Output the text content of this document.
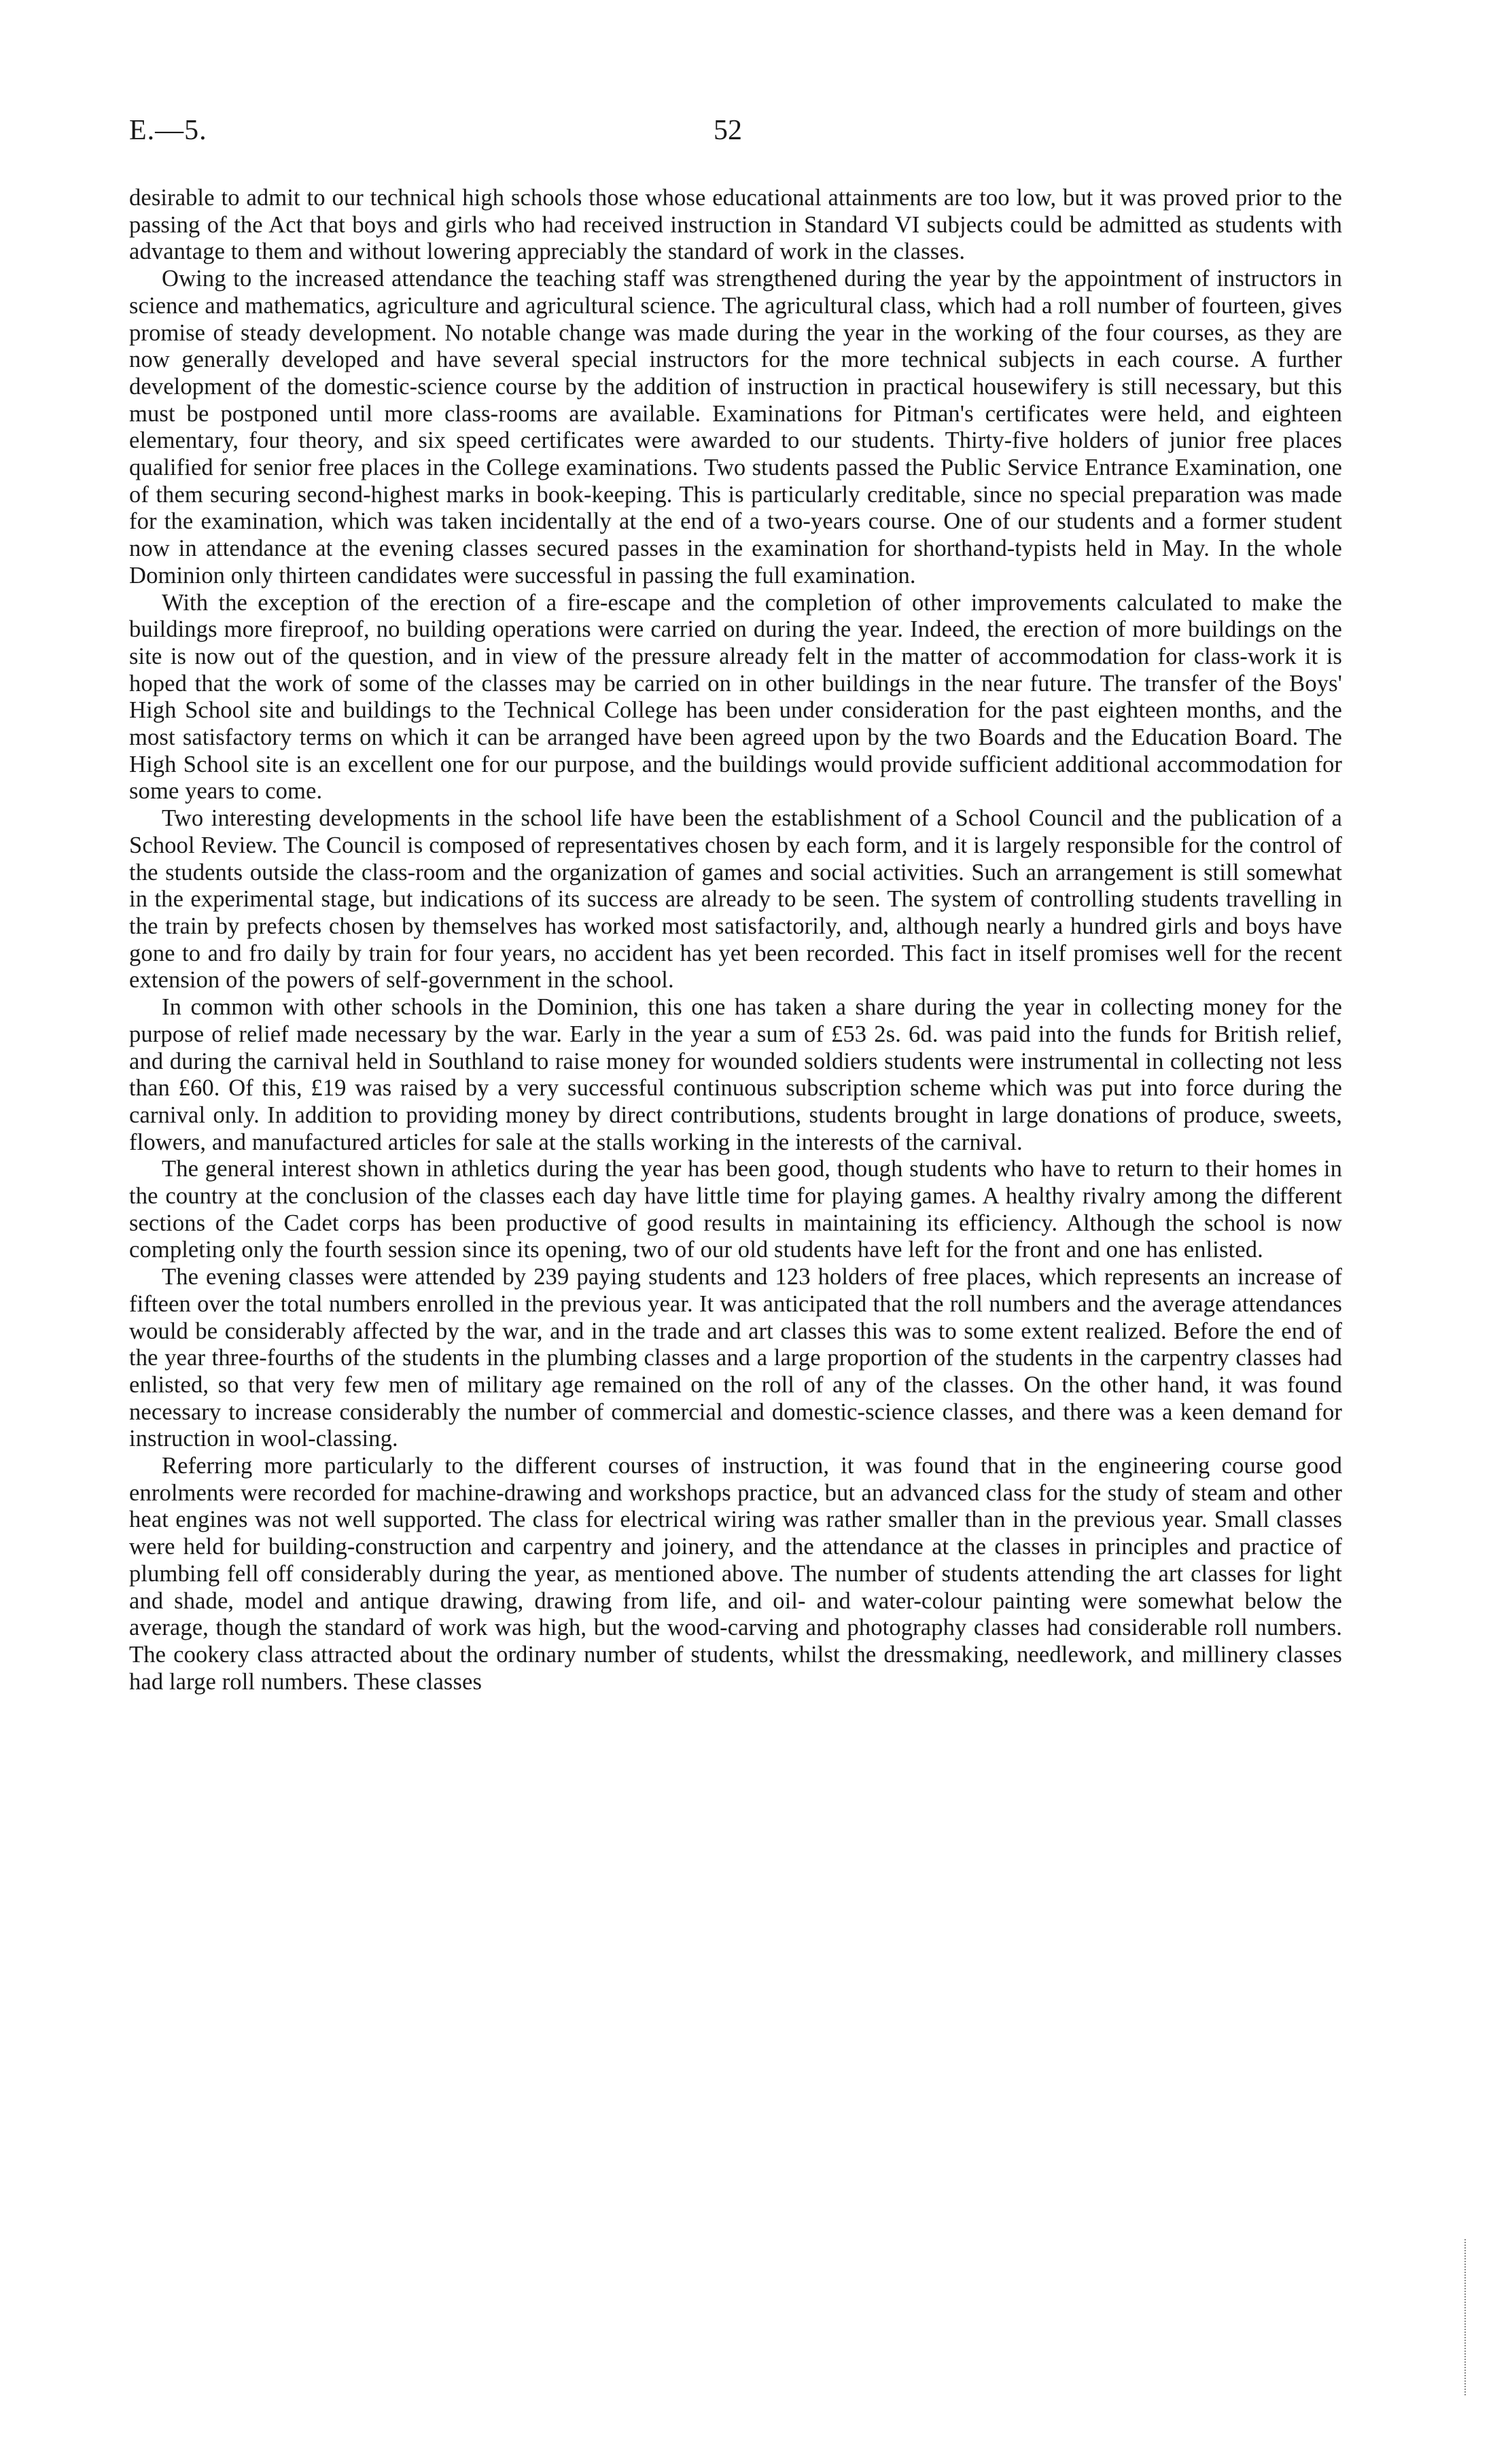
E.—5.	52

desirable to admit to our technical high schools those whose educational attainments are too low, but it was proved prior to the passing of the Act that boys and girls who had received instruction in Standard VI subjects could be admitted as students with advantage to them and without lowering appreciably the standard of work in the classes.

Owing to the increased attendance the teaching staff was strengthened during the year by the appointment of instructors in science and mathematics, agriculture and agricultural science. The agricultural class, which had a roll number of fourteen, gives promise of steady development. No notable change was made during the year in the working of the four courses, as they are now generally developed and have several special instructors for the more technical subjects in each course. A further development of the domestic-science course by the addition of instruction in practical housewifery is still necessary, but this must be postponed until more class-rooms are available. Examinations for Pitman's certificates were held, and eighteen elementary, four theory, and six speed certificates were awarded to our students. Thirty-five holders of junior free places qualified for senior free places in the College examinations. Two students passed the Public Service Entrance Examination, one of them securing second-highest marks in book-keeping. This is particularly creditable, since no special preparation was made for the examination, which was taken incidentally at the end of a two-years course. One of our students and a former student now in attendance at the evening classes secured passes in the examination for shorthand-typists held in May. In the whole Dominion only thirteen candidates were successful in passing the full examination.

With the exception of the erection of a fire-escape and the completion of other improvements calculated to make the buildings more fireproof, no building operations were carried on during the year. Indeed, the erection of more buildings on the site is now out of the question, and in view of the pressure already felt in the matter of accommodation for class-work it is hoped that the work of some of the classes may be carried on in other buildings in the near future. The transfer of the Boys' High School site and buildings to the Technical College has been under consideration for the past eighteen months, and the most satisfactory terms on which it can be arranged have been agreed upon by the two Boards and the Education Board. The High School site is an excellent one for our purpose, and the buildings would provide sufficient additional accommodation for some years to come.

Two interesting developments in the school life have been the establishment of a School Council and the publication of a School Review. The Council is composed of representatives chosen by each form, and it is largely responsible for the control of the students outside the class-room and the organization of games and social activities. Such an arrangement is still somewhat in the experimental stage, but indications of its success are already to be seen. The system of controlling students travelling in the train by prefects chosen by themselves has worked most satisfactorily, and, although nearly a hundred girls and boys have gone to and fro daily by train for four years, no accident has yet been recorded. This fact in itself promises well for the recent extension of the powers of self-government in the school.

In common with other schools in the Dominion, this one has taken a share during the year in collecting money for the purpose of relief made necessary by the war. Early in the year a sum of £53 2s. 6d. was paid into the funds for British relief, and during the carnival held in Southland to raise money for wounded soldiers students were instrumental in collecting not less than £60. Of this, £19 was raised by a very successful continuous subscription scheme which was put into force during the carnival only. In addition to providing money by direct contributions, students brought in large donations of produce, sweets, flowers, and manufactured articles for sale at the stalls working in the interests of the carnival.

The general interest shown in athletics during the year has been good, though students who have to return to their homes in the country at the conclusion of the classes each day have little time for playing games. A healthy rivalry among the different sections of the Cadet corps has been productive of good results in maintaining its efficiency. Although the school is now completing only the fourth session since its opening, two of our old students have left for the front and one has enlisted.

The evening classes were attended by 239 paying students and 123 holders of free places, which represents an increase of fifteen over the total numbers enrolled in the previous year. It was anticipated that the roll numbers and the average attendances would be considerably affected by the war, and in the trade and art classes this was to some extent realized. Before the end of the year three-fourths of the students in the plumbing classes and a large proportion of the students in the carpentry classes had enlisted, so that very few men of military age remained on the roll of any of the classes. On the other hand, it was found necessary to increase considerably the number of commercial and domestic-science classes, and there was a keen demand for instruction in wool-classing.

Referring more particularly to the different courses of instruction, it was found that in the engineering course good enrolments were recorded for machine-drawing and workshops practice, but an advanced class for the study of steam and other heat engines was not well supported. The class for electrical wiring was rather smaller than in the previous year. Small classes were held for building-construction and carpentry and joinery, and the attendance at the classes in principles and practice of plumbing fell off considerably during the year, as mentioned above. The number of students attending the art classes for light and shade, model and antique drawing, drawing from life, and oil- and water-colour painting were somewhat below the average, though the standard of work was high, but the wood-carving and photography classes had considerable roll numbers. The cookery class attracted about the ordinary number of students, whilst the dressmaking, needlework, and millinery classes had large roll numbers. These classes
